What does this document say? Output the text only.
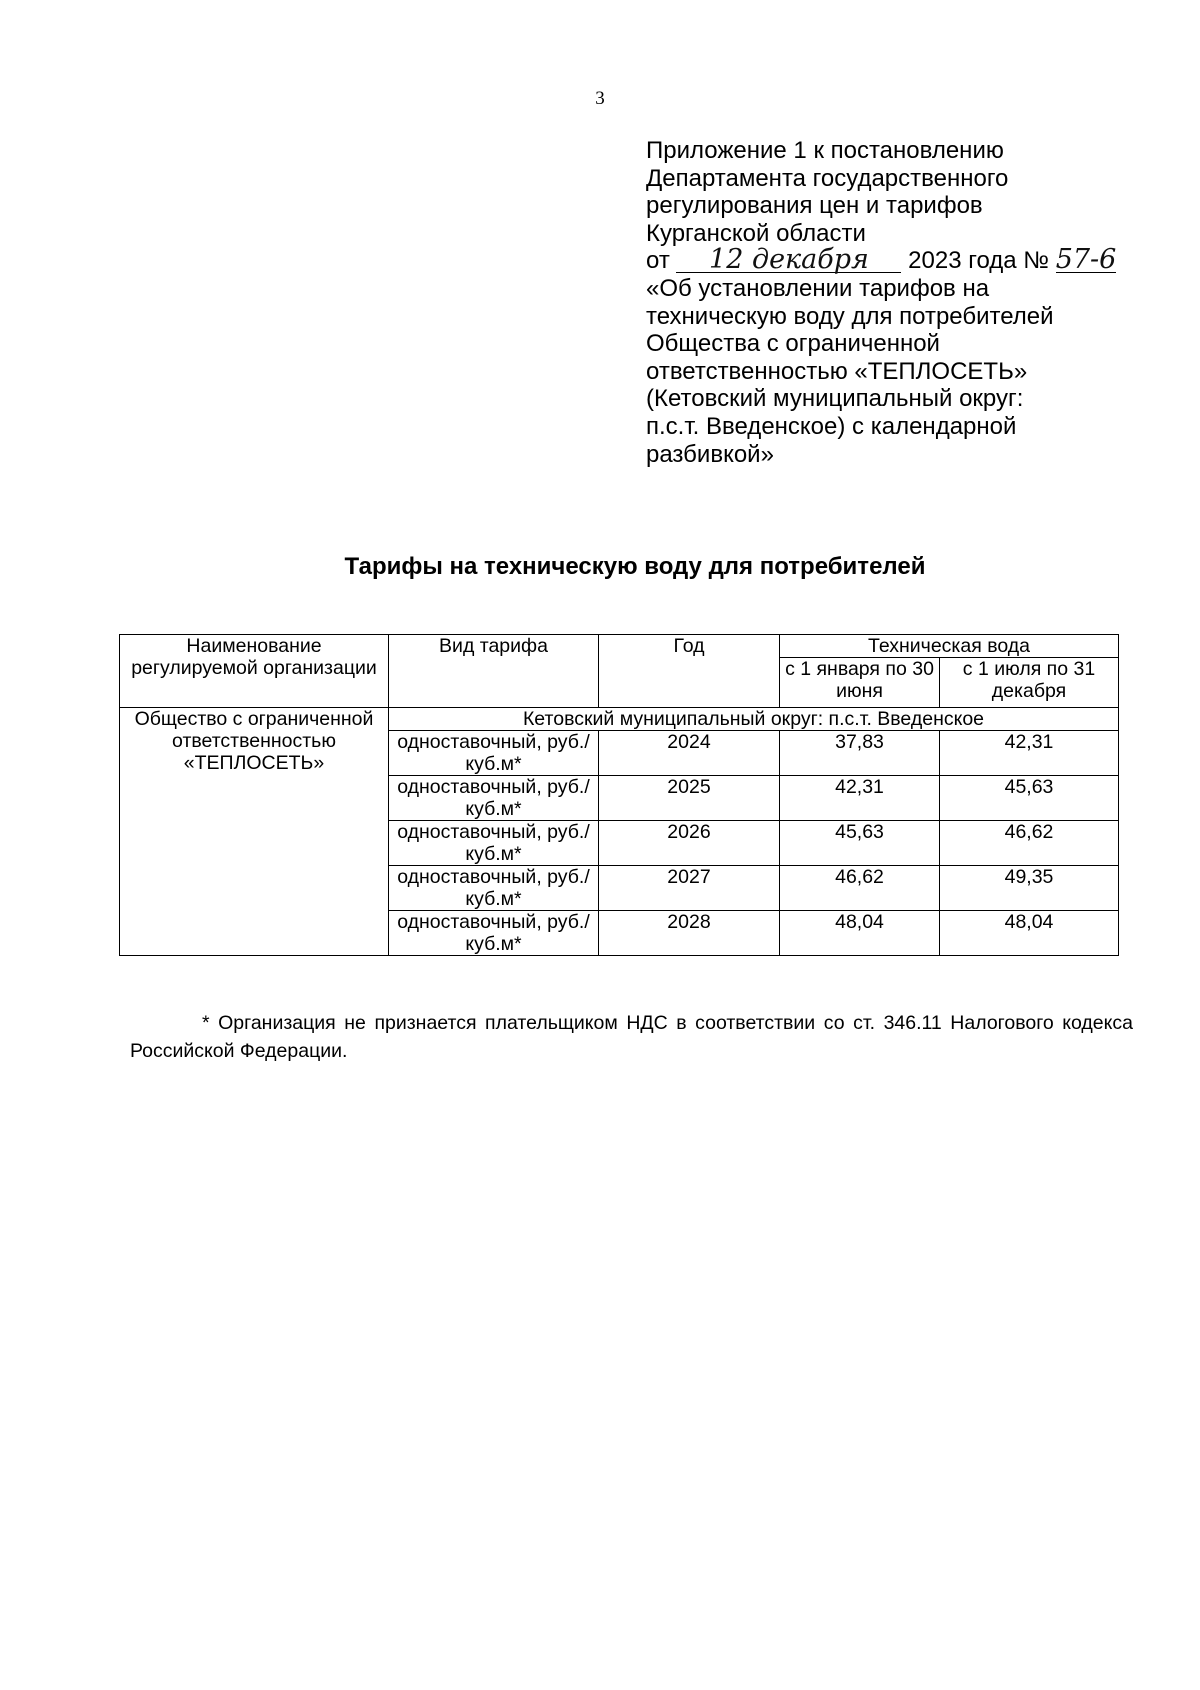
3
Приложение 1 к постановлению
Департамента государственного
регулирования цен и тарифов
Курганской области
от 12 декабря 2023 года № 57-6
«Об установлении тарифов на
техническую воду для потребителей
Общества с ограниченной
ответственностью «ТЕПЛОСЕТЬ»
(Кетовский муниципальный округ:
п.с.т. Введенское) с календарной
разбивкой»
Тарифы на техническую воду для потребителей
Наименование регулируемой организации	Вид тарифа	Год	Техническая вода	
			с 1 января по 30 июня	с 1 июля по 31 декабря
Общество с ограниченной ответственностью «ТЕПЛОСЕТЬ»	Кетовский муниципальный округ: п.с.т. Введенское			
	одноставочный, руб./куб.м*	2024	37,83	42,31
	одноставочный, руб./куб.м*	2025	42,31	45,63
	одноставочный, руб./куб.м*	2026	45,63	46,62
	одноставочный, руб./куб.м*	2027	46,62	49,35
	одноставочный, руб./куб.м*	2028	48,04	48,04
* Организация не признается плательщиком НДС в соответствии со ст. 346.11 Налогового кодекса Российской Федерации.
